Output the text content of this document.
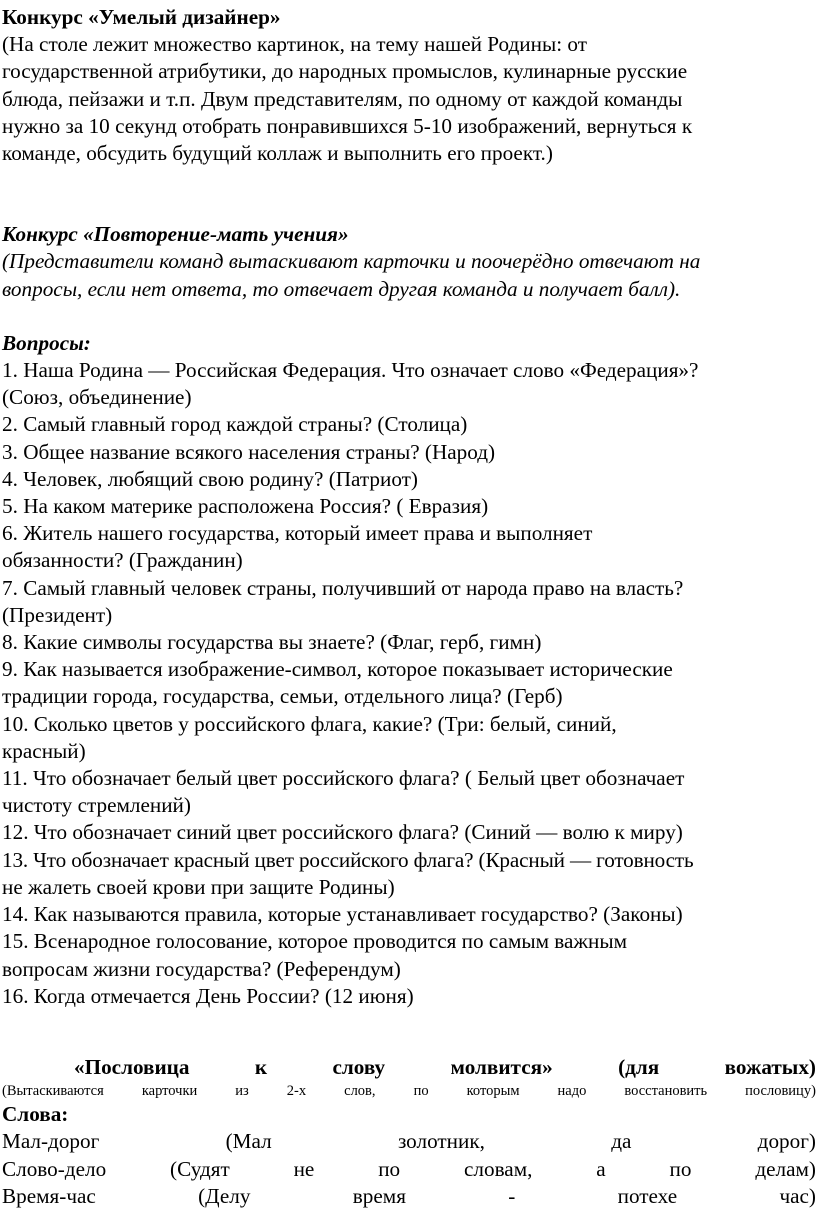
Конкурс «Умелый дизайнер»

(На столе лежит множество картинок, на тему нашей Родины: от

государственной атрибутики, до народных промыслов, кулинарные русские

блюда, пейзажи и т.п. Двум представителям, по одному от каждой команды

нужно за 10 секунд отобрать понравившихся 5-10 изображений, вернуться к

команде, обсудить будущий коллаж и выполнить его проект.)

Конкурс «Повторение-мать учения»

(Представители команд вытаскивают карточки и поочерёдно отвечают на

вопросы, если нет ответа, то отвечает другая команда и получает балл).

Вопросы:

1. Наша Родина — Российская Федерация. Что означает слово «Федерация»?

(Союз, объединение)

2. Самый главный город каждой страны? (Столица)

3. Общее название всякого населения страны? (Народ)

4. Человек, любящий свою родину? (Патриот)

5. На каком материке расположена Россия? ( Евразия)

6. Житель нашего государства, который имеет права и выполняет

обязанности? (Гражданин)

7. Самый главный человек страны, получивший от народа право на власть?

(Президент)

8. Какие символы государства вы знаете? (Флаг, герб, гимн)

9. Как называется изображение-символ, которое показывает исторические

традиции города, государства, семьи, отдельного лица? (Герб)

10. Сколько цветов у российского флага, какие? (Три: белый, синий,

красный)

11. Что обозначает белый цвет российского флага? ( Белый цвет обозначает

чистоту стремлений)

12. Что обозначает синий цвет российского флага? (Синий — волю к миру)

13. Что обозначает красный цвет российского флага? (Красный — готовность

не жалеть своей крови при защите Родины)

14. Как называются правила, которые устанавливает государство? (Законы)

15. Всенародное голосование, которое проводится по самым важным

вопросам жизни государства? (Референдум)

16. Когда отмечается День России? (12 июня)

«Пословица	к	слову	молвится»	(для	вожатых)
(Вытаскиваются	карточки	из	2-х	слов,	по	которым	надо	восстановить	пословицу)

Слова:

Мал-дорог	(Мал	золотник,	да	дорог)
Слово-дело	(Судят	не	по	словам,	а	по	делам)
Время-час	(Делу	время	-	потехе	час)
